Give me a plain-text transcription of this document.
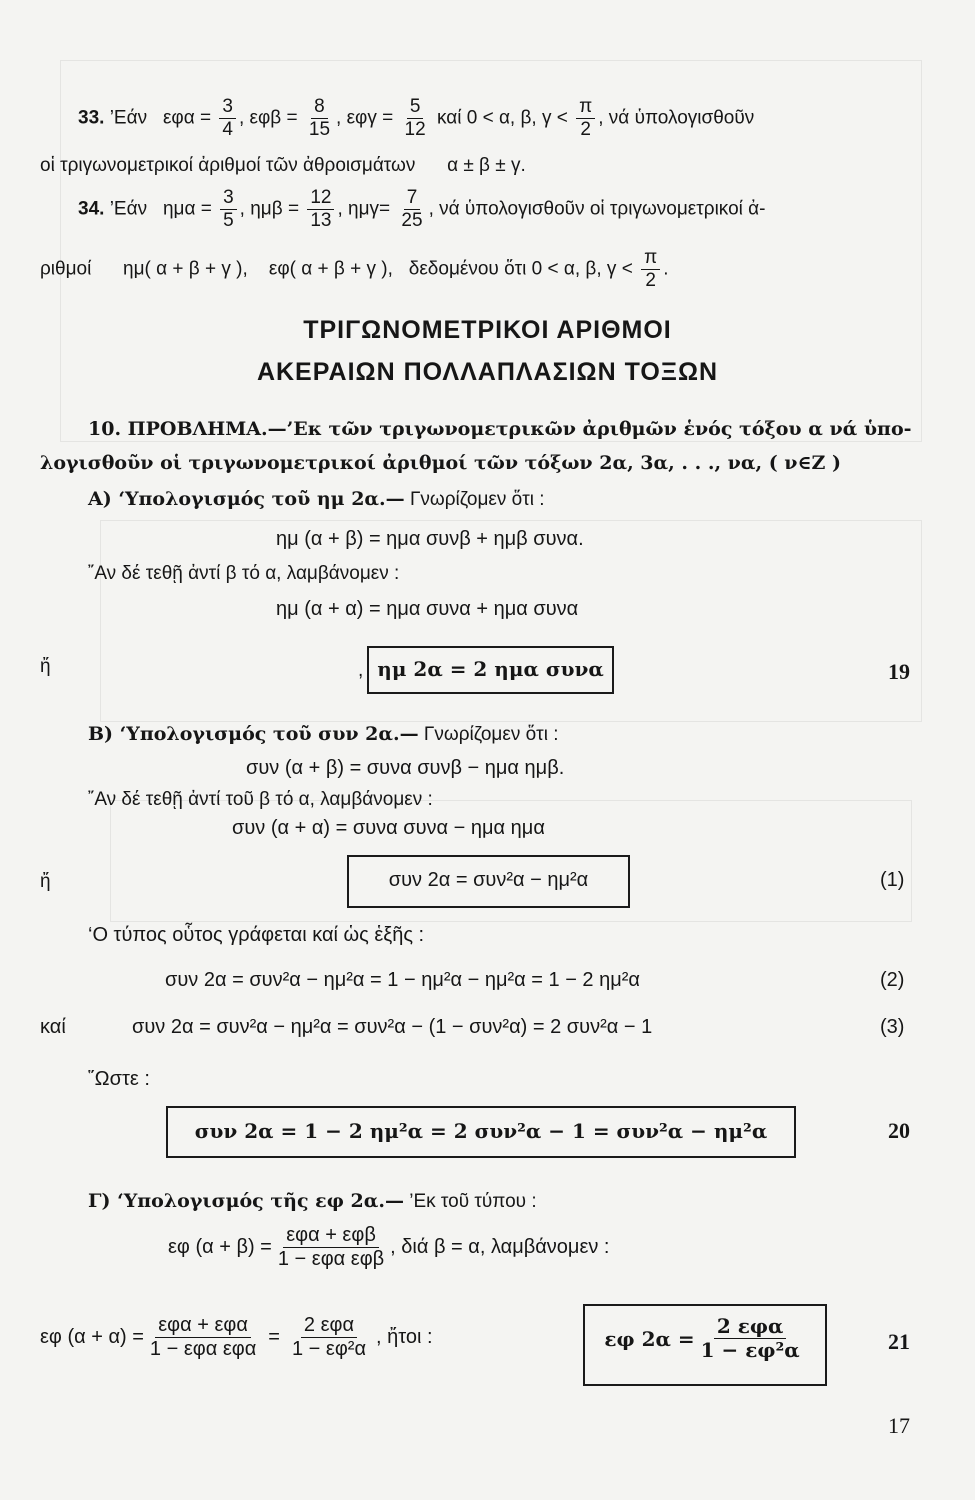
33. ’Εάν $\varepsilon\varphi\alpha = \frac{3}{4}$ , $\varepsilon\varphi\beta = \frac{8}{15}$ , $\varepsilon\varphi\gamma = \frac{5}{12}$ καί 0 < α, β, $\gamma < \frac{\pi}{2}$ , νά ὑπολογισθοῦν
οἱ τριγωνομετρικοί ἀριθμοί τῶν ἀθροισμάτων α ± β ± γ.
34. ’Εάν $\eta\mu\alpha = \frac{3}{5}$ , $\eta\mu\beta = \frac{12}{13}$ , $\eta\mu\gamma= \frac{7}{25}$ , νά ὑπολογισθοῦν οἱ τριγωνομετρικοί ἀ-
ριθμοί ημ( α + β + γ ), εφ( α + β + γ ), δεδομένου ὅτι 0 < α, β, $\gamma < \frac{\pi}{2}$ .
ΤΡΙΓΩΝΟΜΕΤΡΙΚΟΙ ΑΡΙΘΜΟΙ
ΑΚΕΡΑΙΩΝ ΠΟΛΛΑΠΛΑΣΙΩΝ ΤΟΞΩΝ
10. ΠΡΟΒΛΗΜΑ.—’Εκ τῶν τριγωνομετρικῶν ἀριθμῶν ἑνός τόξου α νά ὑπο-
λογισθοῦν οἱ τριγωνομετρικοί ἀριθμοί τῶν τόξων 2α, 3α, . . ., να, ( ν∈Ζ )
Α) ‘Υπολογισμός τοῦ ημ 2α.— Γνωρίζομεν ὅτι :
ημ (α + β) = ημα συνβ + ημβ συνα.
῎Αν δέ τεθῇ ἀντί β τό α, λαμβάνομεν :
ημ (α + α) = ημα συνα + ημα συνα
ἤ	, ημ 2α = 2 ημα συνα	19
Β) ‘Υπολογισμός τοῦ συν 2α.— Γνωρίζομεν ὅτι :
συν (α + β) = συνα συνβ − ημα ημβ.
῎Αν δέ τεθῇ ἀντί τοῦ β τό α, λαμβάνομεν :
συν (α + α) = συνα συνα − ημα ημα
ἤ	συν 2α = συν²α − ημ²α	(1)
‘Ο τύπος οὗτος γράφεται καί ὡς ἑξῆς :
συν 2α = συν²α − ημ²α = 1 − ημ²α − ημ²α = 1 − 2 ημ²α	(2)
καί	συν 2α = συν²α − ημ²α = συν²α − (1 − συν²α) = 2 συν²α − 1	(3)
῞Ωστε :
συν 2α = 1 − 2 ημ²α = 2 συν²α − 1 = συν²α − ημ²α	20
Γ) ‘Υπολογισμός τῆς εφ 2α.— ’Εκ τοῦ τύπου :
εφ $(\alpha + \beta) = \frac{\text{εφα + εφβ}}{\text{1 − εφα εφβ}}$ , διά β = α, λαμβάνομεν :
εφ $(\alpha + \alpha) = \frac{\text{εφα + εφα}}{\text{1 − εφα εφα}} = \frac{\text{2 εφα}}{\text{1 − εφ²α}}$ , ἤτοι :	εφ $2\alpha = \frac{\text{2 εφα}}{\text{1 − εφ²α}}$	21
17
